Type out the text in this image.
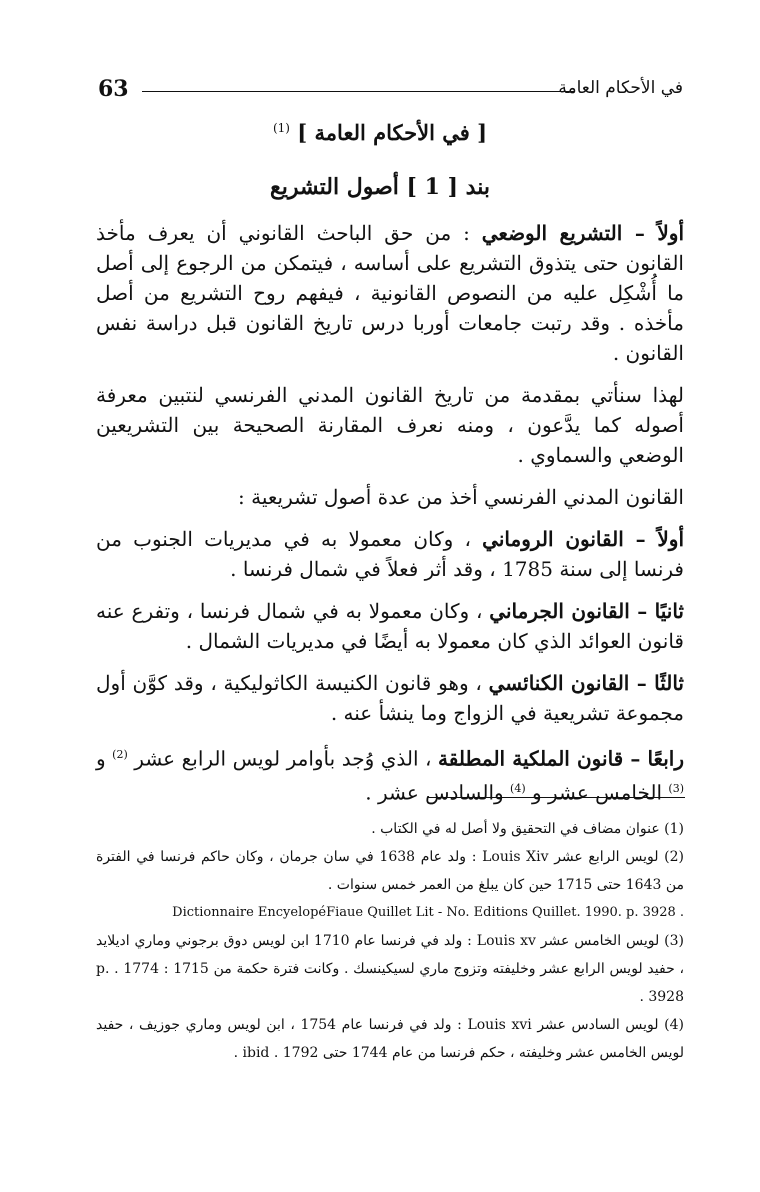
63	في الأحكام العامة
[ في الأحكام العامة ] $^{(1)}$
بند [ 1 ] أصول التشريع

أولاً – التشريع الوضعي : من حق الباحث القانوني أن يعرف مأخذ القانون حتى يتذوق التشريع على أساسه ، فيتمكن من الرجوع إلى أصل ما أُشْكِل عليه من النصوص القانونية ، فيفهم روح التشريع من أصل مأخذه . وقد رتبت جامعات أوربا درس تاريخ القانون قبل دراسة نفس القانون .

لهذا سنأتي بمقدمة من تاريخ القانون المدني الفرنسي لنتبين معرفة أصوله كما يدَّعون ، ومنه نعرف المقارنة الصحيحة بين التشريعين الوضعي والسماوي .

القانون المدني الفرنسي أخذ من عدة أصول تشريعية :

أولاً – القانون الروماني ، وكان معمولا به في مديريات الجنوب من فرنسا إلى سنة 1785 ، وقد أثر فعلاً في شمال فرنسا .

ثانيًا – القانون الجرماني ، وكان معمولا به في شمال فرنسا ، وتفرع عنه قانون العوائد الذي كان معمولا به أيضًا في مديريات الشمال .

ثالثًا – القانون الكنائسي ، وهو قانون الكنيسة الكاثوليكية ، وقد كوَّن أول مجموعة تشريعية في الزواج وما ينشأ عنه .

رابعًا – قانون الملكية المطلقة ، الذي وُجد بأوامر لويس الرابع عشر $^{(2)}$ و $^{(3)}$ الخامس عشر و $^{(4)}$ والسادس عشر .

(1) عنوان مضاف في التحقيق ولا أصل له في الكتاب .

(2) لويس الرابع عشر Louis Xiv : ولد عام 1638 في سان جرمان ، وكان حاكم فرنسا في الفترة من 1643 حتى 1715 حين كان يبلغ من العمر خمس سنوات .

Dictionnaire EncyelopéFiaue Quillet Lit - No. Editions Quillet. 1990. p. 3928 .

(3) لويس الخامس عشر Louis xv : ولد في فرنسا عام 1710 ابن لويس دوق برجوني وماري اديلايد ، حفيد لويس الرابع عشر وخليفته وتزوج ماري لسيكينسك . وكانت فترة حكمة من 1715 : 1774 . p. 3928 .

(4) لويس السادس عشر Louis xvi : ولد في فرنسا عام 1754 ، ابن لويس وماري جوزيف ، حفيد لويس الخامس عشر وخليفته ، حكم فرنسا من عام 1744 حتى 1792 . ibid .
